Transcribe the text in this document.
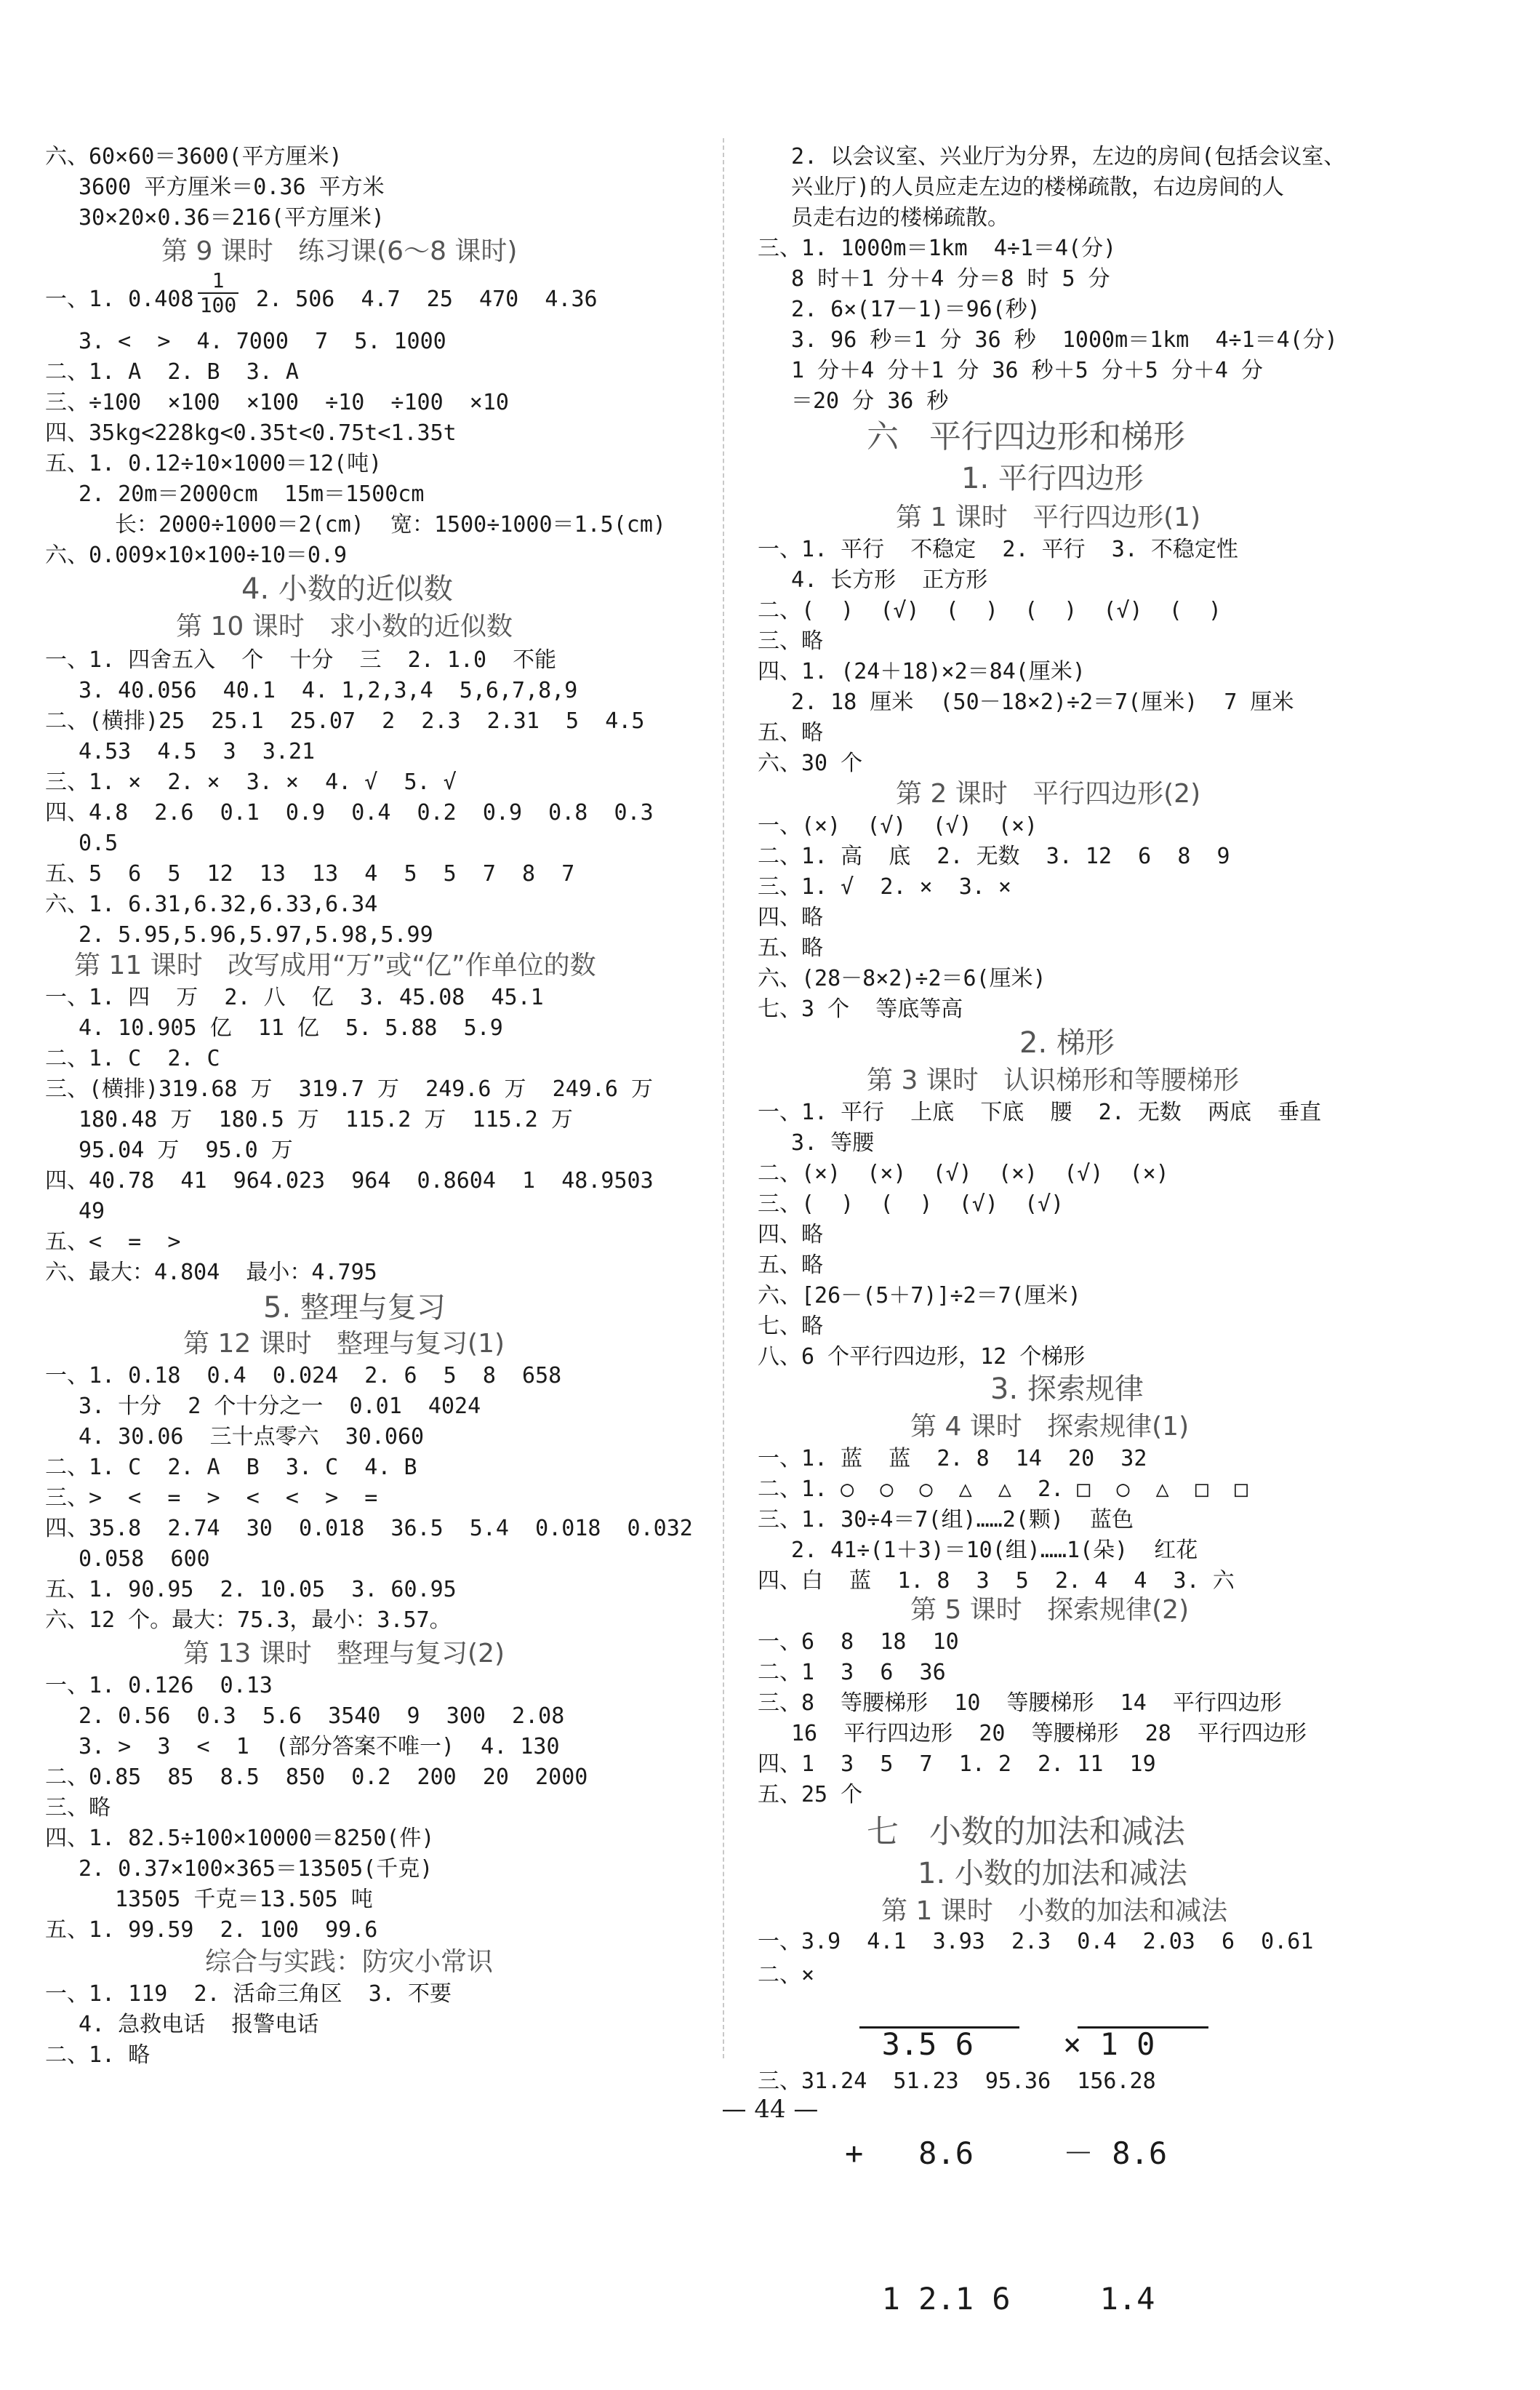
六、60×60＝3600(平方厘米)
3600 平方厘米＝0.36 平方米
30×20×0.36＝216(平方厘米)
第 9 课时   练习课(6～8 课时)
一、1. 0.408
1
100 2. 506  4.7  25  470  4.36
3. <  >  4. 7000  7  5. 1000
二、1. A  2. B  3. A
三、÷100  ×100  ×100  ÷10  ÷100  ×10
四、35kg<228kg<0.35t<0.75t<1.35t
五、1. 0.12÷10×1000＝12(吨)
2. 20m＝2000cm  15m＝1500cm
长：2000÷1000＝2(cm)  宽：1500÷1000＝1.5(cm)
六、0.009×10×100÷10＝0.9
4. 小数的近似数
第 10 课时   求小数的近似数
一、1. 四舍五入  个  十分  三  2. 1.0  不能
3. 40.056  40.1  4. 1,2,3,4  5,6,7,8,9
二、(横排)25  25.1  25.07  2  2.3  2.31  5  4.5
4.53  4.5  3  3.21
三、1. ×  2. ×  3. ×  4. √  5. √
四、4.8  2.6  0.1  0.9  0.4  0.2  0.9  0.8  0.3
0.5
五、5  6  5  12  13  13  4  5  5  7  8  7
六、1. 6.31,6.32,6.33,6.34
2. 5.95,5.96,5.97,5.98,5.99
第 11 课时   改写成用“万”或“亿”作单位的数
一、1. 四  万  2. 八  亿  3. 45.08  45.1
4. 10.905 亿  11 亿  5. 5.88  5.9
二、1. C  2. C
三、(横排)319.68 万  319.7 万  249.6 万  249.6 万
180.48 万  180.5 万  115.2 万  115.2 万
95.04 万  95.0 万
四、40.78  41  964.023  964  0.8604  1  48.9503
49
五、<  =  >
六、最大：4.804  最小：4.795
5. 整理与复习
第 12 课时   整理与复习(1)
一、1. 0.18  0.4  0.024  2. 6  5  8  658
3. 十分  2 个十分之一  0.01  4024
4. 30.06  三十点零六  30.060
二、1. C  2. A  B  3. C  4. B
三、>  <  =  >  <  <  >  =
四、35.8  2.74  30  0.018  36.5  5.4  0.018  0.032
0.058  600
五、1. 90.95  2. 10.05  3. 60.95
六、12 个。最大：75.3，最小：3.57。
第 13 课时   整理与复习(2)
一、1. 0.126  0.13
2. 0.56  0.3  5.6  3540  9  300  2.08
3. >  3  <  1  (部分答案不唯一)  4. 130
二、0.85  85  8.5  850  0.2  200  20  2000
三、略
四、1. 82.5÷100×10000＝8250(件)
2. 0.37×100×365＝13505(千克)
13505 千克＝13.505 吨
五、1. 99.59  2. 100  99.6
综合与实践：防灾小常识
一、1. 119  2. 活命三角区  3. 不要
4. 急救电话  报警电话
二、1. 略
2. 以会议室、兴业厅为分界，左边的房间(包括会议室、
兴业厅)的人员应走左边的楼梯疏散，右边房间的人
员走右边的楼梯疏散。
三、1. 1000m＝1km  4÷1＝4(分)
8 时＋1 分＋4 分＝8 时 5 分
2. 6×(17－1)＝96(秒)
3. 96 秒＝1 分 36 秒  1000m＝1km  4÷1＝4(分)
1 分＋4 分＋1 分 36 秒＋5 分＋5 分＋4 分
＝20 分 36 秒
六   平行四边形和梯形
1. 平行四边形
第 1 课时   平行四边形(1)
一、1. 平行  不稳定  2. 平行  3. 不稳定性
4. 长方形  正方形
二、(  )  (√)  (  )  (  )  (√)  (  )
三、略
四、1. (24＋18)×2＝84(厘米)
2. 18 厘米  (50－18×2)÷2＝7(厘米)  7 厘米
五、略
六、30 个
第 2 课时   平行四边形(2)
一、(×)  (√)  (√)  (×)
二、1. 高  底  2. 无数  3. 12  6  8  9
三、1. √  2. ×  3. ×
四、略
五、略
六、(28－8×2)÷2＝6(厘米)
七、3 个  等底等高
2. 梯形
第 3 课时   认识梯形和等腰梯形
一、1. 平行  上底  下底  腰  2. 无数  两底  垂直
3. 等腰
二、(×)  (×)  (√)  (×)  (√)  (×)
三、(  )  (  )  (√)  (√)
四、略
五、略
六、[26－(5＋7)]÷2＝7(厘米)
七、略
八、6 个平行四边形，12 个梯形
3. 探索规律
第 4 课时   探索规律(1)
一、1. 蓝  蓝  2. 8  14  20  32
二、1. ○  ○  ○  △  △  2. □  ○  △  □  □
三、1. 30÷4＝7(组)……2(颗)  蓝色
2. 41÷(1＋3)＝10(组)……1(朵)  红花
四、白  蓝  1. 8  3  5  2. 4  4  3. 六
第 5 课时   探索规律(2)
一、6  8  18  10
二、1  3  6  36
三、8  等腰梯形  10  等腰梯形  14  平行四边形
16  平行四边形  20  等腰梯形  28  平行四边形
四、1  3  5  7  1. 2  2. 11  19
五、25 个
七   小数的加法和减法
1. 小数的加法和减法
第 1 课时   小数的加法和减法
一、3.9  4.1  3.93  2.3  0.4  2.03  6  0.61
二、×

3.5 6

+   8.6

1 2.1 6

× 1 0

－ 8.6

1.4

三、31.24  51.23  95.36  156.28
— 44 —
